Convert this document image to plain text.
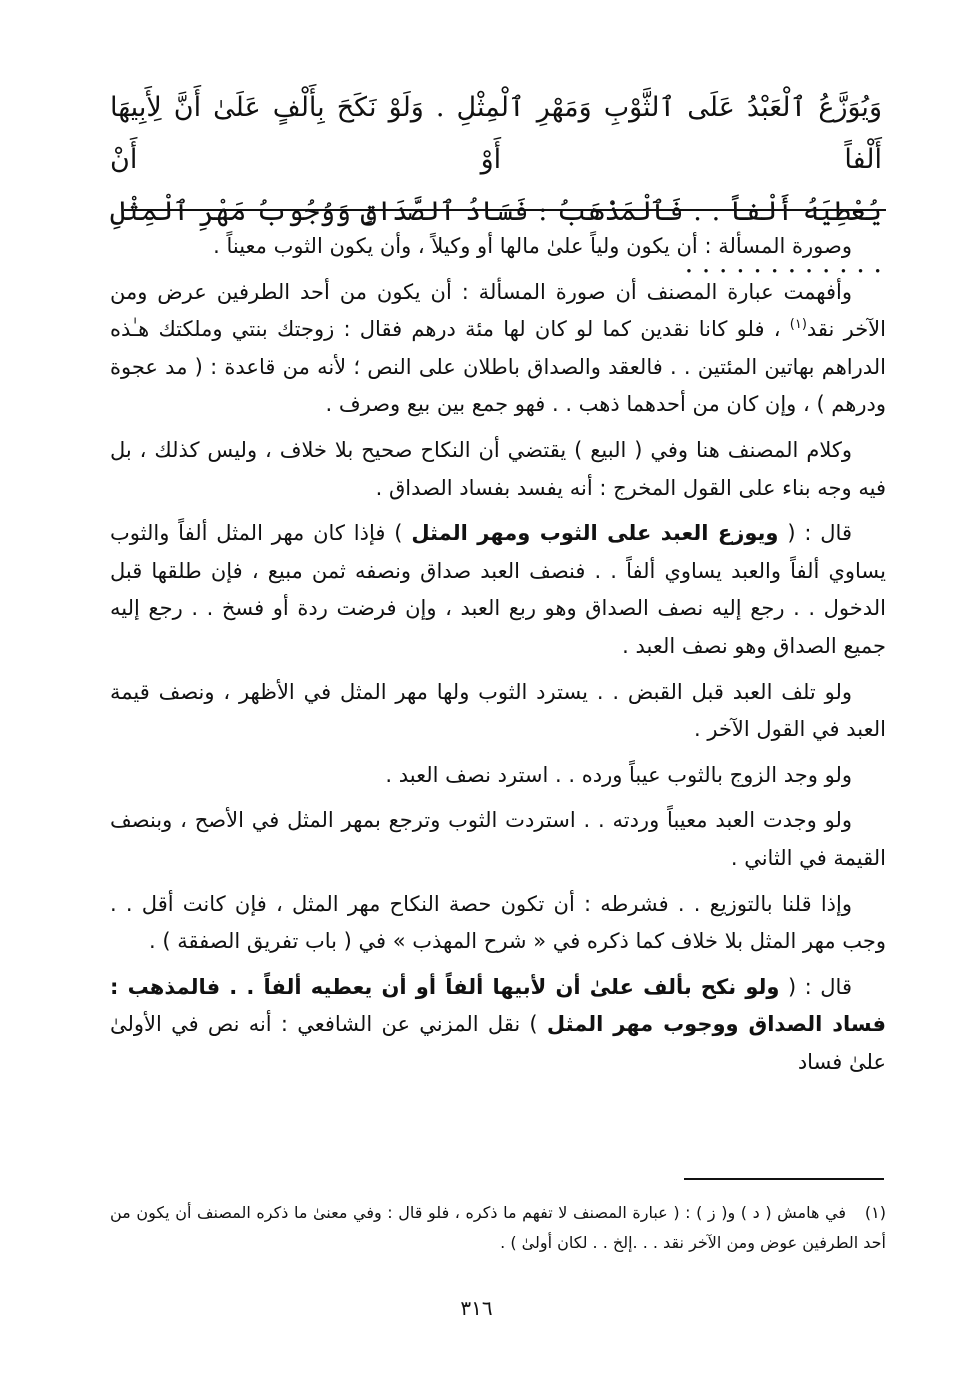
وَيُوَزَّعُ ٱلْعَبْدُ عَلَى ٱلثَّوْبِ وَمَهْرِ ٱلْمِثْلِ . وَلَوْ نَكَحَ بِأَلْفٍ عَلَىٰ أَنَّ لِأَبِيهَا أَلْفاً أَوْ أَنْ

يُعْطِيَهُ أَلْفاً . . فَٱلْمَذْهَبُ : فَسَادُ ٱلصَّدَاقِ وَوُجُوبُ مَهْرِ ٱلْمِثْلِ . . . . . . . . . . . .

وصورة المسألة : أن يكون ولياً علىٰ مالها أو وكيلاً ، وأن يكون الثوب معيناً .

وأفهمت عبارة المصنف أن صورة المسألة : أن يكون من أحد الطرفين عرض ومن الآخر نقد$^{(١)}$ ، فلو كانا نقدين كما لو كان لها مئة درهم فقال : زوجتك بنتي وملكتك هـٰذه الدراهم بهاتين المئتين . . فالعقد والصداق باطلان على النص ؛ لأنه من قاعدة : ( مد عجوة ودرهم ) ، وإن كان من أحدهما ذهب . . فهو جمع بين بيع وصرف .

وكلام المصنف هنا وفي ( البيع ) يقتضي أن النكاح صحيح بلا خلاف ، وليس كذلك ، بل فيه وجه بناء على القول المخرج : أنه يفسد بفساد الصداق .

قال : ( ويوزع العبد على الثوب ومهر المثل ) فإذا كان مهر المثل ألفاً والثوب يساوي ألفاً والعبد يساوي ألفاً . . فنصف العبد صداق ونصفه ثمن مبيع ، فإن طلقها قبل الدخول . . رجع إليه نصف الصداق وهو ربع العبد ، وإن فرضت ردة أو فسخ . . رجع إليه جميع الصداق وهو نصف العبد .

ولو تلف العبد قبل القبض . . يسترد الثوب ولها مهر المثل في الأظهر ، ونصف قيمة العبد في القول الآخر .

ولو وجد الزوج بالثوب عيباً ورده . . استرد نصف العبد .

ولو وجدت العبد معيباً وردته . . استردت الثوب وترجع بمهر المثل في الأصح ، وبنصف القيمة في الثاني .

وإذا قلنا بالتوزيع . . فشرطه : أن تكون حصة النكاح مهر المثل ، فإن كانت أقل . . وجب مهر المثل بلا خلاف كما ذكره في « شرح المهذب » في ( باب تفريق الصفقة ) .

قال : ( ولو نكح بألف علىٰ أن لأبيها ألفاً أو أن يعطيه ألفاً . . فالمذهب : فساد الصداق ووجوب مهر المثل ) نقل المزني عن الشافعي : أنه نص في الأولىٰ علىٰ فساد

(١)في هامش ( د ) و( ز ) : ( عبارة المصنف لا تفهم ما ذكره ، فلو قال : وفي معنىٰ ما ذكره المصنف أن يكون من أحد الطرفين عوض ومن الآخر نقد . . .إلخ . . لكان أولىٰ ) .

٣١٦
